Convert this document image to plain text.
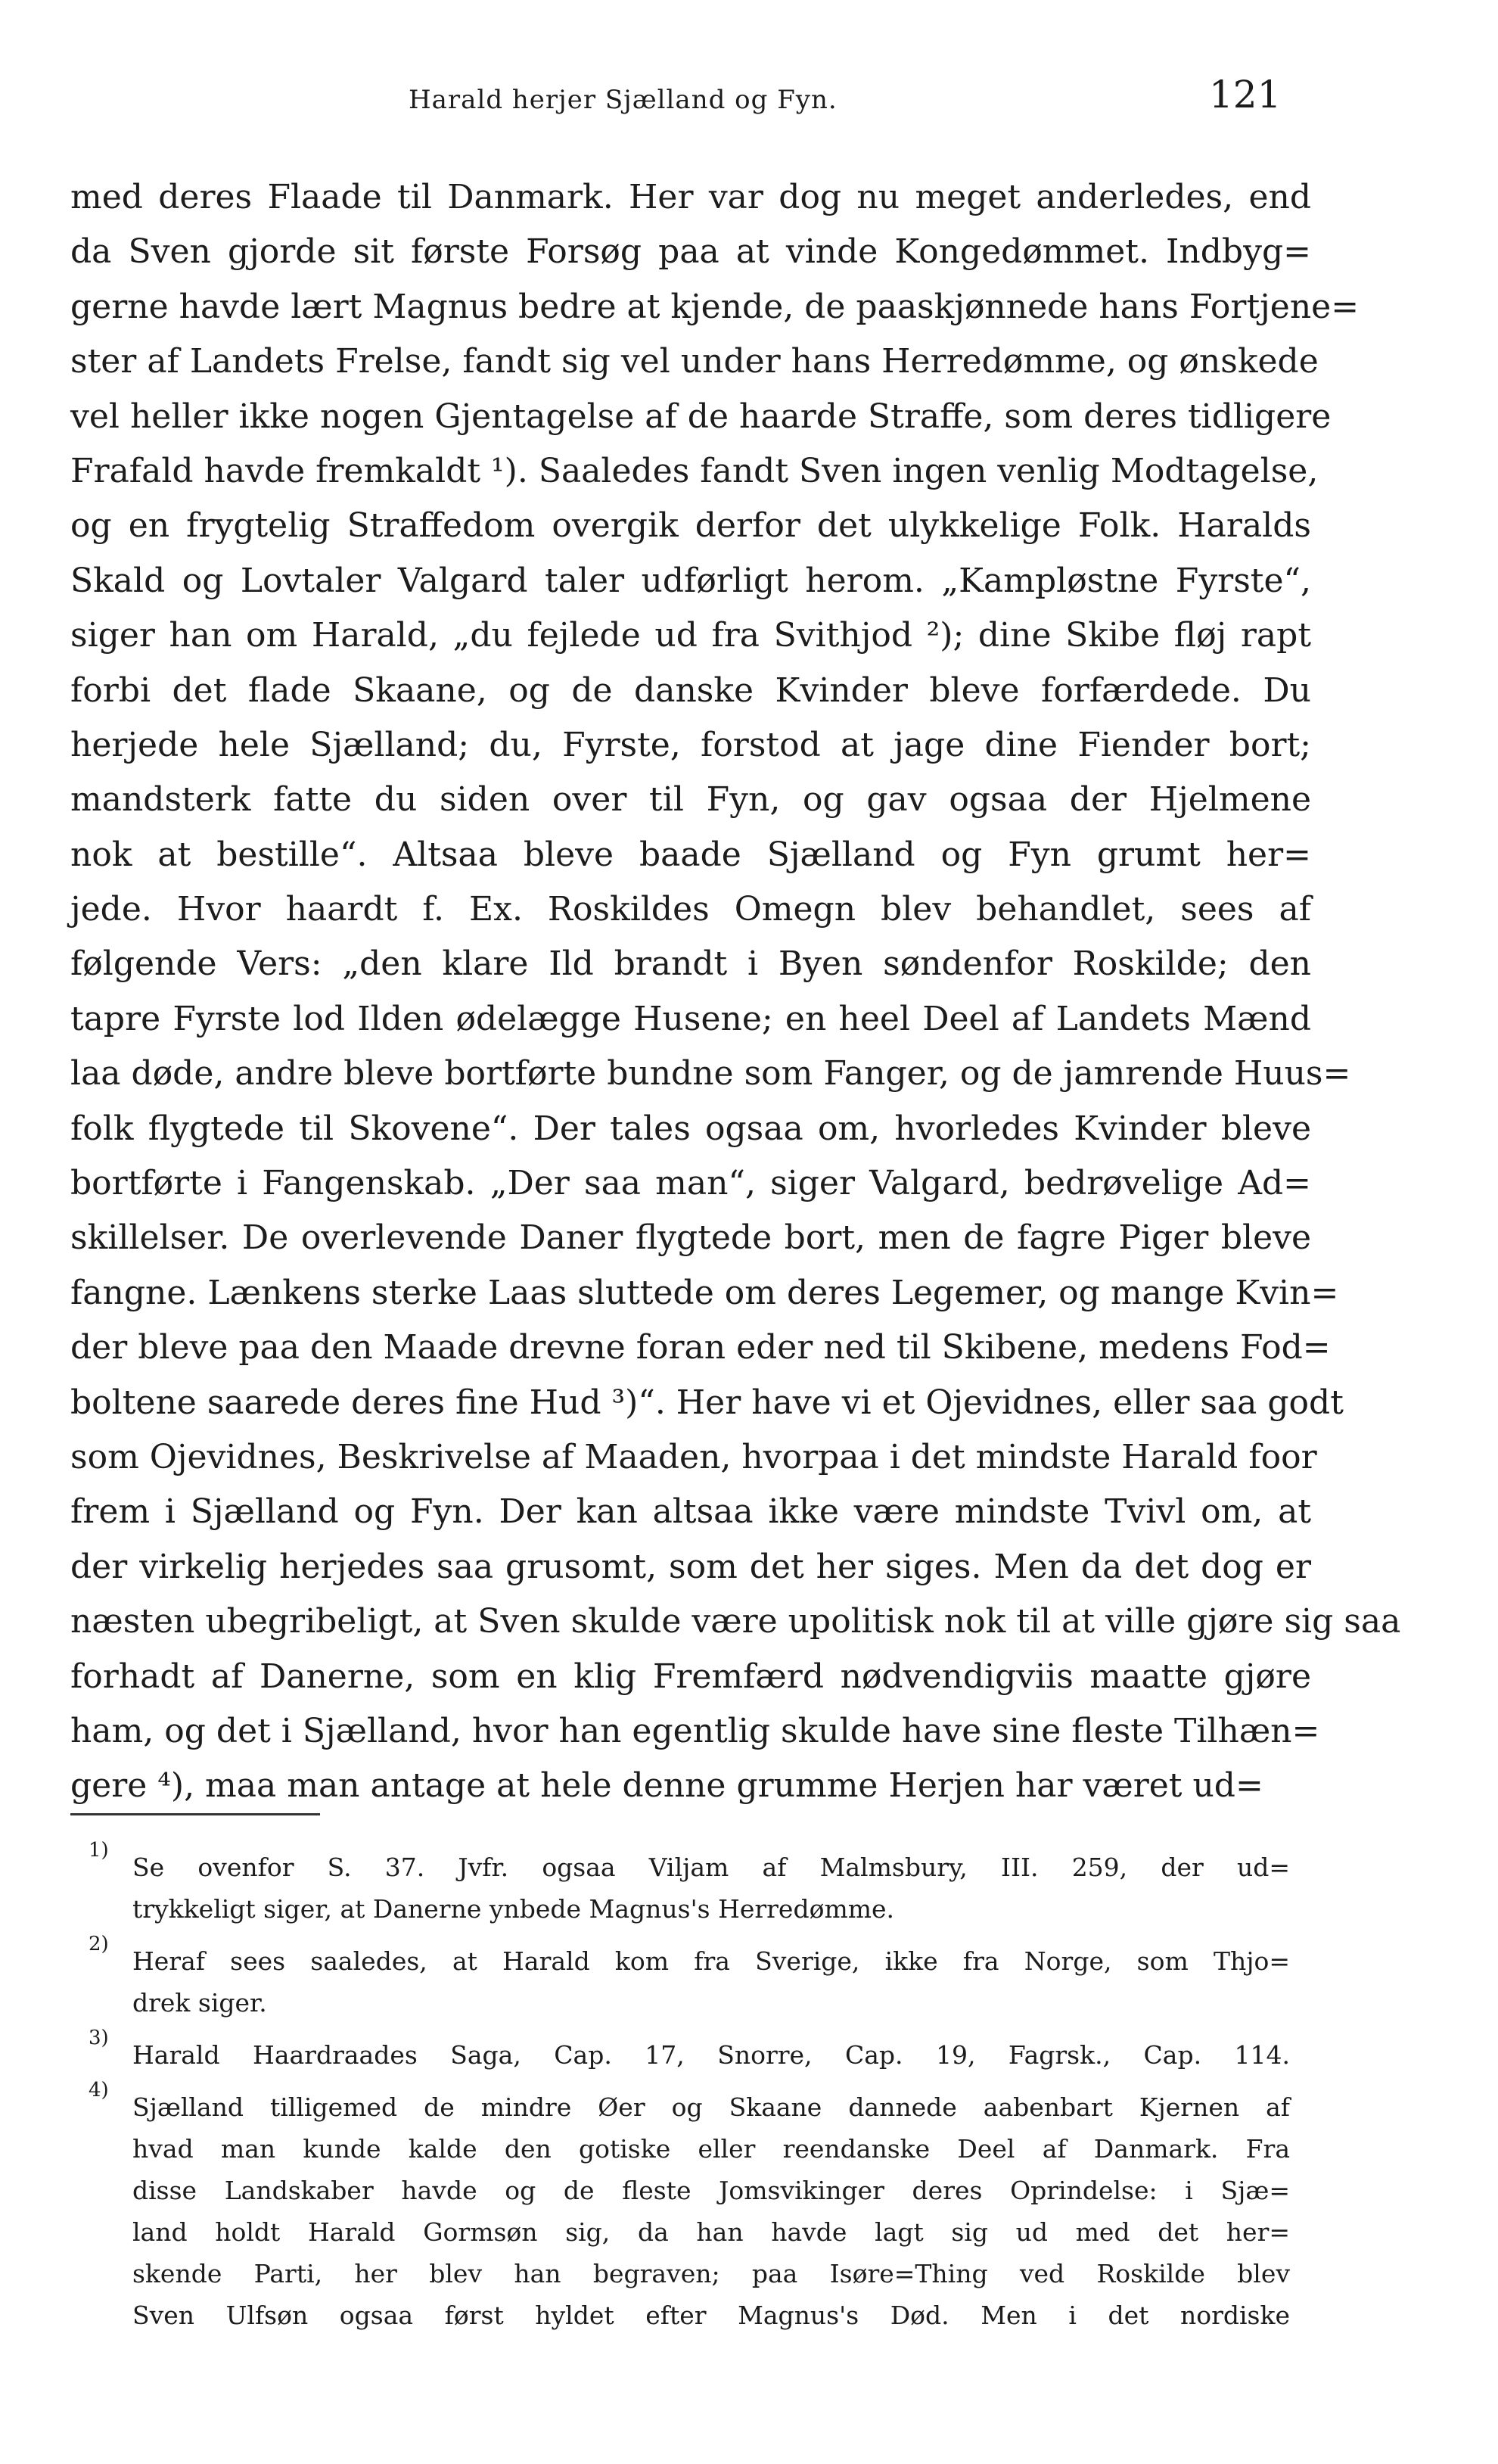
Harald herjer Sjælland og Fyn.	121
med deres Flaade til Danmark. Her var dog nu meget anderledes, end
da Sven gjorde sit første Forsøg paa at vinde Kongedømmet. Indbyg=
gerne havde lært Magnus bedre at kjende, de paaskjønnede hans Fortjene=
ster af Landets Frelse, fandt sig vel under hans Herredømme, og ønskede
vel heller ikke nogen Gjentagelse af de haarde Straffe, som deres tidligere
Frafald havde fremkaldt ¹). Saaledes fandt Sven ingen venlig Modtagelse,
og en frygtelig Straffedom overgik derfor det ulykkelige Folk. Haralds
Skald og Lovtaler Valgard taler udførligt herom. „Kampløstne Fyrste“,
siger han om Harald, „du fejlede ud fra Svithjod ²); dine Skibe fløj rapt
forbi det flade Skaane, og de danske Kvinder bleve forfærdede. Du
herjede hele Sjælland; du, Fyrste, forstod at jage dine Fiender bort;
mandsterk fatte du siden over til Fyn, og gav ogsaa der Hjelmene
nok at bestille“. Altsaa bleve baade Sjælland og Fyn grumt her=
jede. Hvor haardt f. Ex. Roskildes Omegn blev behandlet, sees af
følgende Vers: „den klare Ild brandt i Byen søndenfor Roskilde; den
tapre Fyrste lod Ilden ødelægge Husene; en heel Deel af Landets Mænd
laa døde, andre bleve bortførte bundne som Fanger, og de jamrende Huus=
folk flygtede til Skovene“. Der tales ogsaa om, hvorledes Kvinder bleve
bortførte i Fangenskab. „Der saa man“, siger Valgard, bedrøvelige Ad=
skillelser. De overlevende Daner flygtede bort, men de fagre Piger bleve
fangne. Lænkens sterke Laas sluttede om deres Legemer, og mange Kvin=
der bleve paa den Maade drevne foran eder ned til Skibene, medens Fod=
boltene saarede deres fine Hud ³)“. Her have vi et Ojevidnes, eller saa godt
som Ojevidnes, Beskrivelse af Maaden, hvorpaa i det mindste Harald foor
frem i Sjælland og Fyn. Der kan altsaa ikke være mindste Tvivl om, at
der virkelig herjedes saa grusomt, som det her siges. Men da det dog er
næsten ubegribeligt, at Sven skulde være upolitisk nok til at ville gjøre sig saa
forhadt af Danerne, som en klig Fremfærd nødvendigviis maatte gjøre
ham, og det i Sjælland, hvor han egentlig skulde have sine fleste Tilhæn=
gere ⁴), maa man antage at hele denne grumme Herjen har været ud=
1)
Se ovenfor S. 37. Jvfr. ogsaa Viljam af Malmsbury, III. 259, der ud=
trykkeligt siger, at Danerne ynbede Magnus's Herredømme.
2)
Heraf sees saaledes, at Harald kom fra Sverige, ikke fra Norge, som Thjo=
drek siger.
3)
Harald Haardraades Saga, Cap. 17, Snorre, Cap. 19, Fagrsk., Cap. 114.
4)
Sjælland tilligemed de mindre Øer og Skaane dannede aabenbart Kjernen af
hvad man kunde kalde den gotiske eller reendanske Deel af Danmark. Fra
disse Landskaber havde og de fleste Jomsvikinger deres Oprindelse: i Sjæ=
land holdt Harald Gormsøn sig, da han havde lagt sig ud med det her=
skende Parti, her blev han begraven; paa Isøre=Thing ved Roskilde blev
Sven Ulfsøn ogsaa først hyldet efter Magnus's Død. Men i det nordiske
